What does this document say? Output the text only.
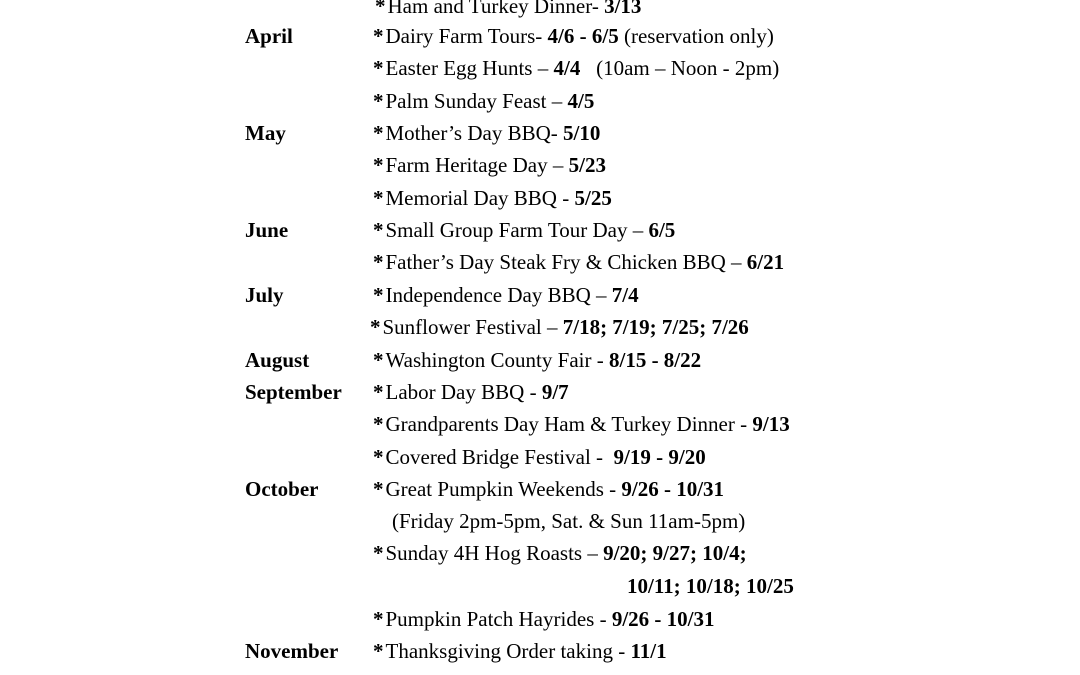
*Ham and Turkey Dinner- 3/13
April	*Dairy Farm Tours- 4/6 - 6/5 (reservation only)
*Easter Egg Hunts – 4/4   (10am – Noon - 2pm)
*Palm Sunday Feast – 4/5
May	*Mother’s Day BBQ- 5/10
*Farm Heritage Day – 5/23
*Memorial Day BBQ - 5/25
June	*Small Group Farm Tour Day – 6/5
*Father’s Day Steak Fry & Chicken BBQ – 6/21
July	*Independence Day BBQ – 7/4
*Sunflower Festival – 7/18; 7/19; 7/25; 7/26
August	*Washington County Fair - 8/15 - 8/22
September *Labor Day BBQ - 9/7
*Grandparents Day Ham & Turkey Dinner - 9/13
*Covered Bridge Festival -  9/19 - 9/20
October	*Great Pumpkin Weekends - 9/26 - 10/31
(Friday 2pm-5pm, Sat. & Sun 11am-5pm)
*Sunday 4H Hog Roasts – 9/20; 9/27; 10/4;
10/11; 10/18; 10/25
*Pumpkin Patch Hayrides - 9/26 - 10/31
November *Thanksgiving Order taking - 11/1
